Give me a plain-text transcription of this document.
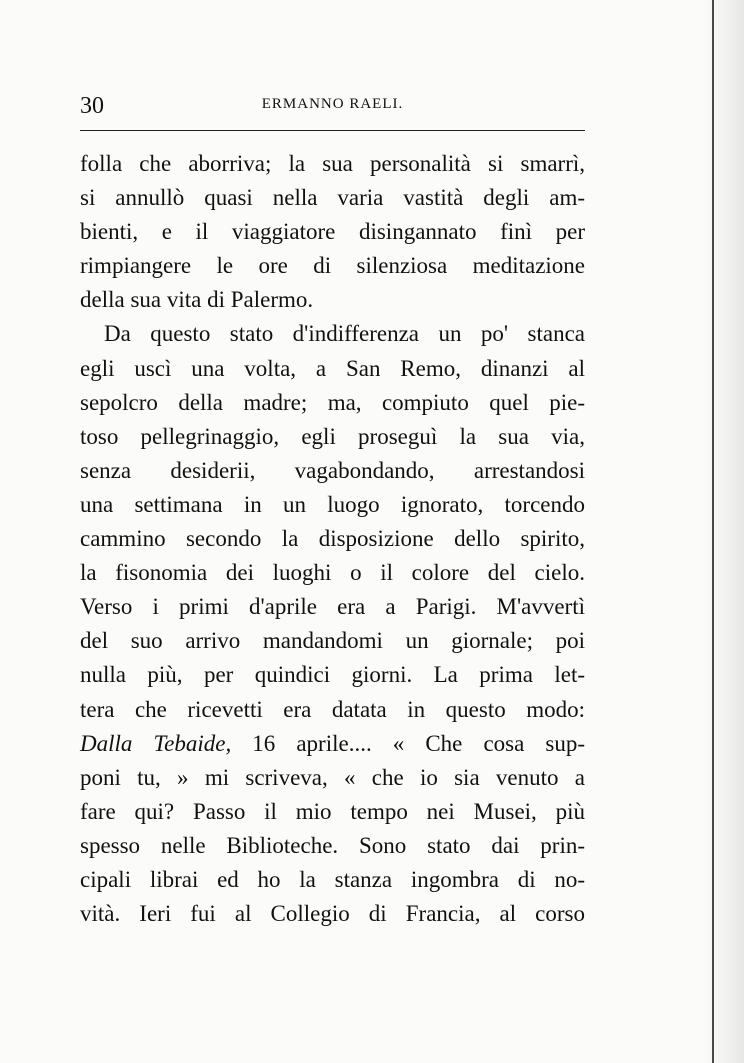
30	ERMANNO RAELI.
folla che aborriva; la sua personalità si smarrì,
si annullò quasi nella varia vastità degli am-
bienti, e il viaggiatore disingannato finì per
rimpiangere le ore di silenziosa meditazione
della sua vita di Palermo.
Da questo stato d'indifferenza un po' stanca
egli uscì una volta, a San Remo, dinanzi al
sepolcro della madre; ma, compiuto quel pie-
toso pellegrinaggio, egli proseguì la sua via,
senza desiderii, vagabondando, arrestandosi
una settimana in un luogo ignorato, torcendo
cammino secondo la disposizione dello spirito,
la fisonomia dei luoghi o il colore del cielo.
Verso i primi d'aprile era a Parigi. M'avvertì
del suo arrivo mandandomi un giornale; poi
nulla più, per quindici giorni. La prima let-
tera che ricevetti era datata in questo modo:
Dalla Tebaide, 16 aprile.... « Che cosa sup-
poni tu, » mi scriveva, « che io sia venuto a
fare qui? Passo il mio tempo nei Musei, più
spesso nelle Biblioteche. Sono stato dai prin-
cipali librai ed ho la stanza ingombra di no-
vità. Ieri fui al Collegio di Francia, al corso
